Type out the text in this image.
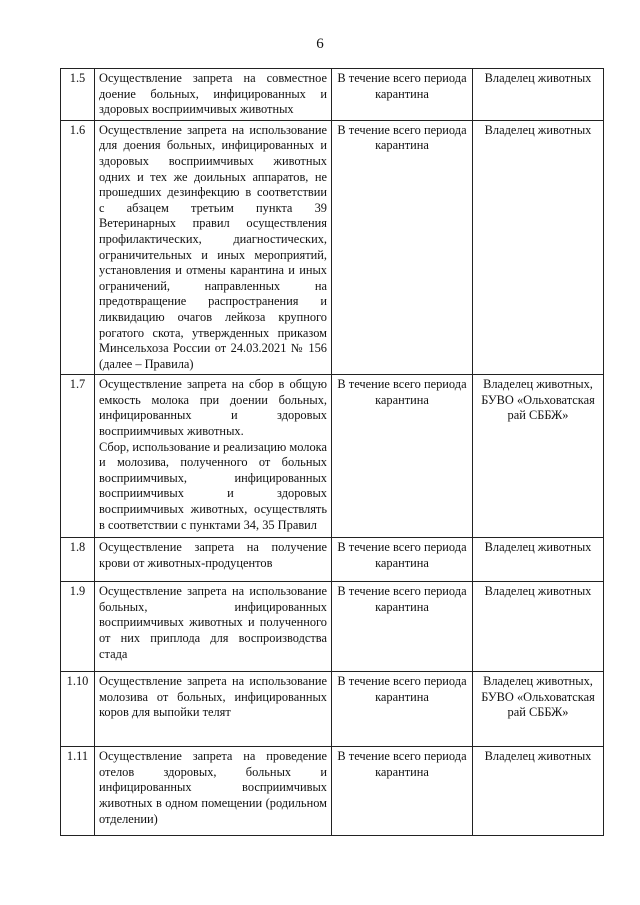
6
1.5	Осуществление запрета на совместное доение больных, инфицированных и здоровых восприимчивых животных	В течение всего периода карантина	Владелец животных
1.6	Осуществление запрета на использование для доения больных, инфицированных и здоровых восприимчивых животных одних и тех же доильных аппаратов, не прошедших дезинфекцию в соответствии с абзацем третьим пункта 39 Ветеринарных правил осуществления профилактических, диагностических, ограничительных и иных мероприятий, установления и отмены карантина и иных ограничений, направленных на предотвращение распространения и ликвидацию очагов лейкоза крупного рогатого скота, утвержденных приказом Минсельхоза России от 24.03.2021 № 156 (далее – Правила)	В течение всего периода карантина	Владелец животных
1.7	Осуществление запрета на сбор в общую емкость молока при доении больных, инфицированных и здоровых восприимчивых животных.
Сбор, использование и реализацию молока и молозива, полученного от больных восприимчивых, инфицированных восприимчивых и здоровых восприимчивых животных, осуществлять в соответствии с пунктами 34, 35 Правил	В течение всего периода карантина	Владелец животных, БУВО «Ольховатская рай СББЖ»
1.8	Осуществление запрета на получение крови от животных-продуцентов	В течение всего периода карантина	Владелец животных
1.9	Осуществление запрета на использование больных, инфицированных восприимчивых животных и полученного от них приплода для воспроизводства стада	В течение всего периода карантина	Владелец животных
1.10	Осуществление запрета на использование молозива от больных, инфицированных коров для выпойки телят	В течение всего периода карантина	Владелец животных, БУВО «Ольховатская рай СББЖ»
1.11	Осуществление запрета на проведение отелов здоровых, больных и инфицированных восприимчивых животных в одном помещении (родильном отделении)	В течение всего периода карантина	Владелец животных
